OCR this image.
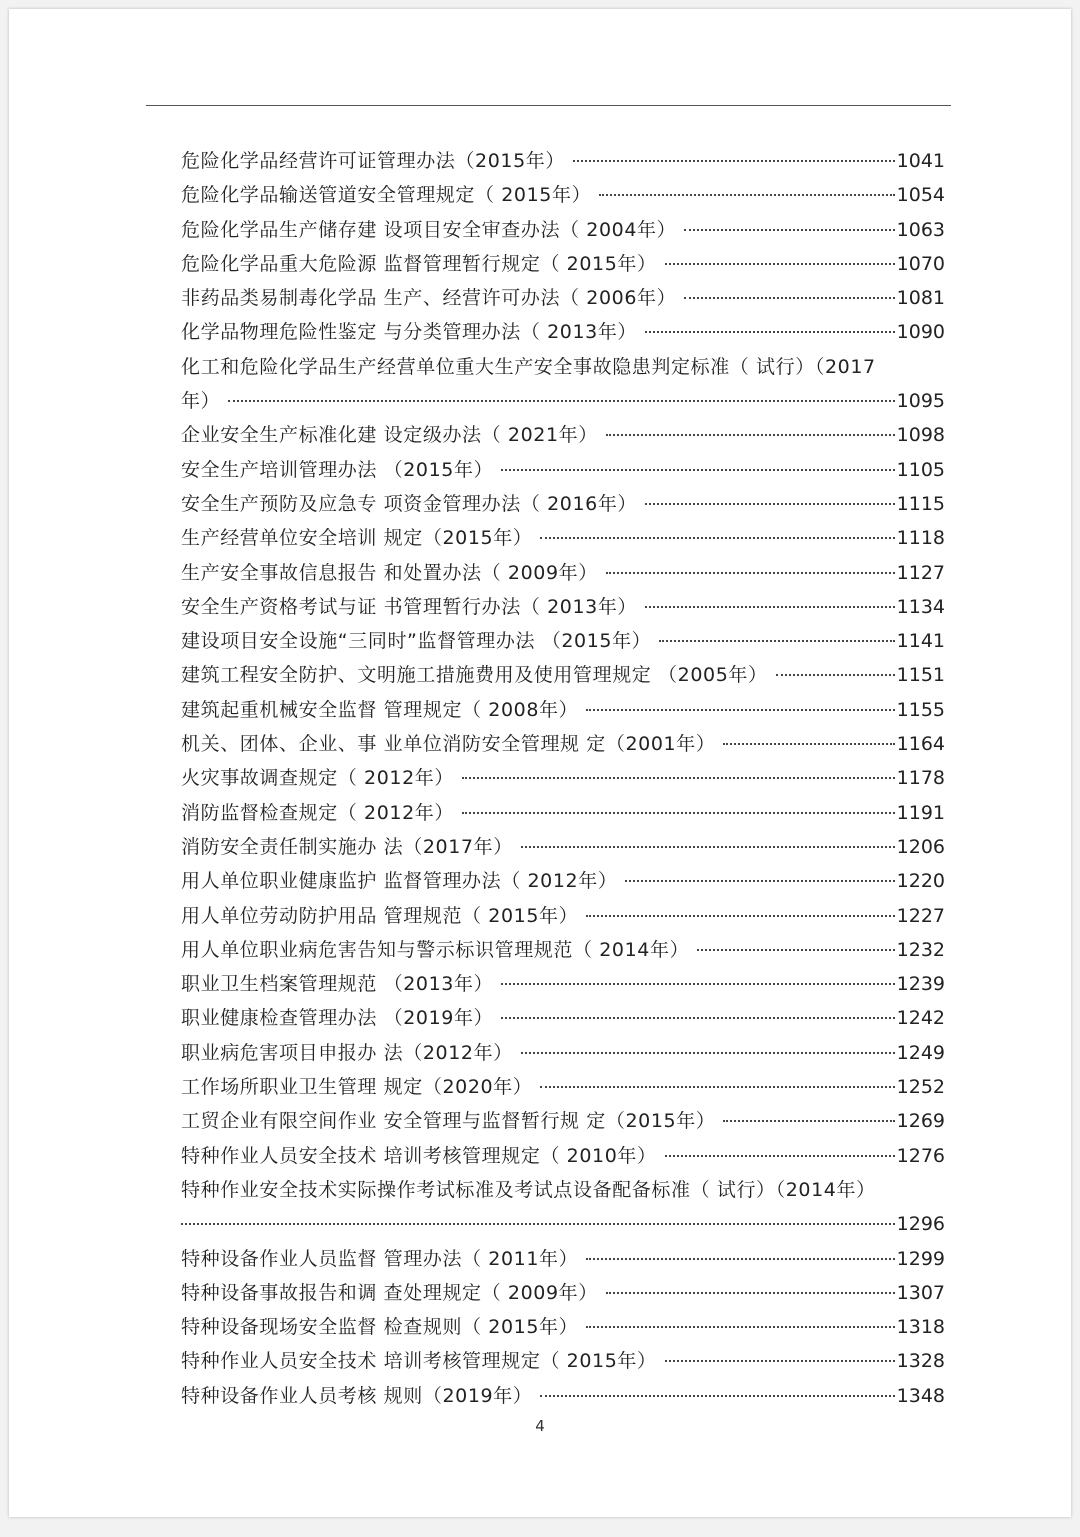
危险化学品经营许可证管理办法（2015年）	1041
危险化学品输送管道安全管理规定（ 2015年）	1054
危险化学品生产储存建 设项目安全审查办法（ 2004年）	1063
危险化学品重大危险源 监督管理暂行规定（ 2015年）	1070
非药品类易制毒化学品 生产、经营许可办法（ 2006年）	1081
化学品物理危险性鉴定 与分类管理办法（ 2013年）	1090
化工和危险化学品生产经营单位重大生产安全事故隐患判定标准（ 试行）（2017
年）	1095
企业安全生产标准化建 设定级办法（ 2021年）	1098
安全生产培训管理办法 （2015年）	1105
安全生产预防及应急专 项资金管理办法（ 2016年）	1115
生产经营单位安全培训 规定（2015年）	1118
生产安全事故信息报告 和处置办法（ 2009年）	1127
安全生产资格考试与证 书管理暂行办法（ 2013年）	1134
建设项目安全设施“三同时”监督管理办法 （2015年）	1141
建筑工程安全防护、文明施工措施费用及使用管理规定 （2005年）	1151
建筑起重机械安全监督 管理规定（ 2008年）	1155
机关、团体、企业、事 业单位消防安全管理规 定（2001年）	1164
火灾事故调查规定（ 2012年）	1178
消防监督检查规定（ 2012年）	1191
消防安全责任制实施办 法（2017年）	1206
用人单位职业健康监护 监督管理办法（ 2012年）	1220
用人单位劳动防护用品 管理规范（ 2015年）	1227
用人单位职业病危害告知与警示标识管理规范（ 2014年）	1232
职业卫生档案管理规范 （2013年）	1239
职业健康检查管理办法 （2019年）	1242
职业病危害项目申报办 法（2012年）	1249
工作场所职业卫生管理 规定（2020年）	1252
工贸企业有限空间作业 安全管理与监督暂行规 定（2015年）	1269
特种作业人员安全技术 培训考核管理规定（ 2010年）	1276
特种作业安全技术实际操作考试标准及考试点设备配备标准（ 试行）（2014年）
1296
特种设备作业人员监督 管理办法（ 2011年）	1299
特种设备事故报告和调 查处理规定（ 2009年）	1307
特种设备现场安全监督 检查规则（ 2015年）	1318
特种作业人员安全技术 培训考核管理规定（ 2015年）	1328
特种设备作业人员考核 规则（2019年）	1348
4
